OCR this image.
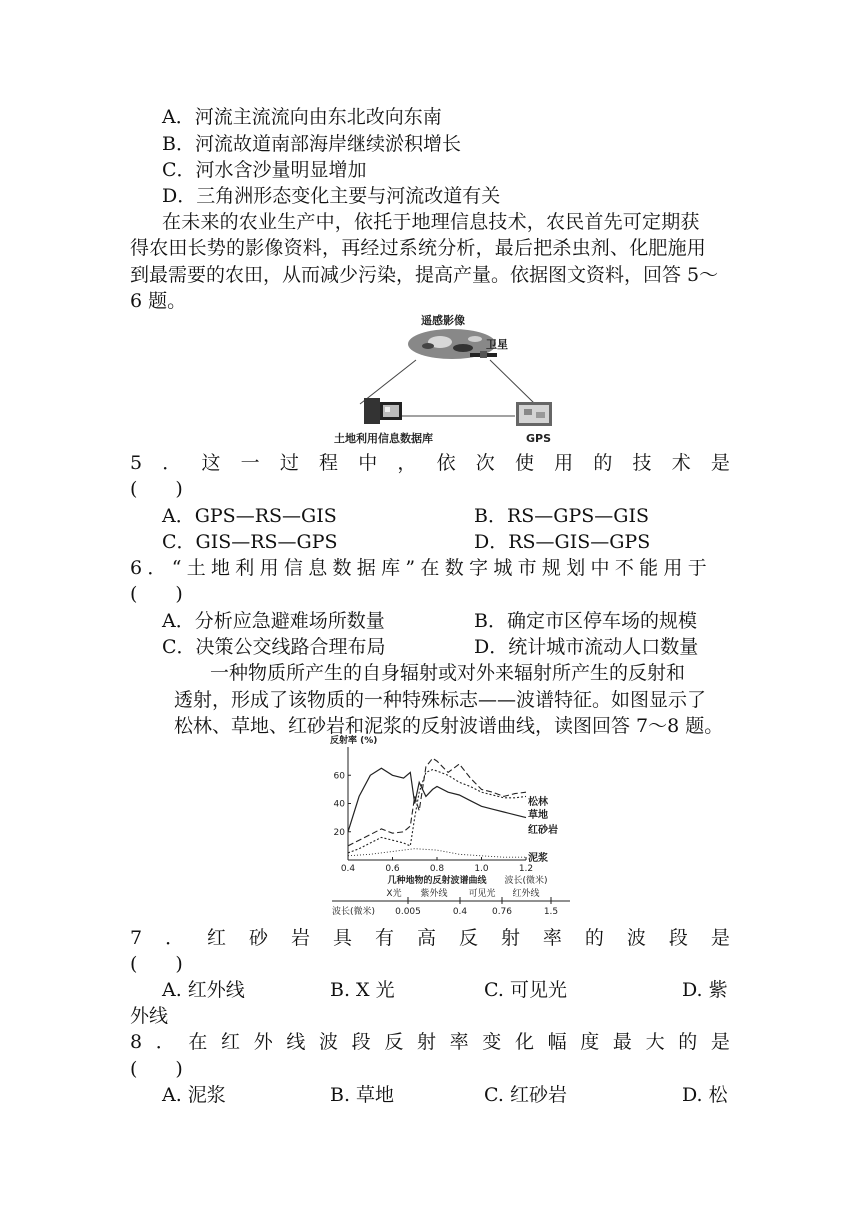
A．河流主流流向由东北改向东南
B．河流故道南部海岸继续淤积增长
C．河水含沙量明显增加
D．三角洲形态变化主要与河流改道有关
在未来的农业生产中，依托于地理信息技术，农民首先可定期获
得农田长势的影像资料，再经过系统分析，最后把杀虫剂、化肥施用
到最需要的农田，从而减少污染，提高产量。依据图文资料，回答 5～
6 题。
遥感影像
卫星
土地利用信息数据库	GPS
5 ． 这 一 过 程 中 ， 依 次 使 用 的 技 术 是
(　　)
A．GPS—RS—GIS	B．RS—GPS—GIS
C．GIS—RS—GPS	D．RS—GIS—GPS
6．“土地利用信息数据库”在数字城市规划中不能用于
(　　)
A．分析应急避难场所数量	B．确定市区停车场的规模
C．决策公交线路合理布局	D．统计城市流动人口数量
一种物质所产生的自身辐射或对外来辐射所产生的反射和
透射，形成了该物质的一种特殊标志——波谱特征。如图显示了
松林、草地、红砂岩和泥浆的反射波谱曲线，读图回答 7～8 题。
反射率 (%)
20
40
60
0.4	0.6	0.8	1.0	1.2
波长(微米)
几种地物的反射波谱曲线
松林
草地
红砂岩
泥浆
0.005	0.4	0.76	1.5
波长(微米)
X光 紫外线 可见光 红外线
7 ． 红 砂 岩 具 有 高 反 射 率 的 波 段 是
(　　)
A. 红外线	B. X 光	C. 可见光	D. 紫
外线
8 ． 在 红 外 线 波 段 反 射 率 变 化 幅 度 最 大 的 是
(　　)
A. 泥浆	B. 草地	C. 红砂岩	D. 松
